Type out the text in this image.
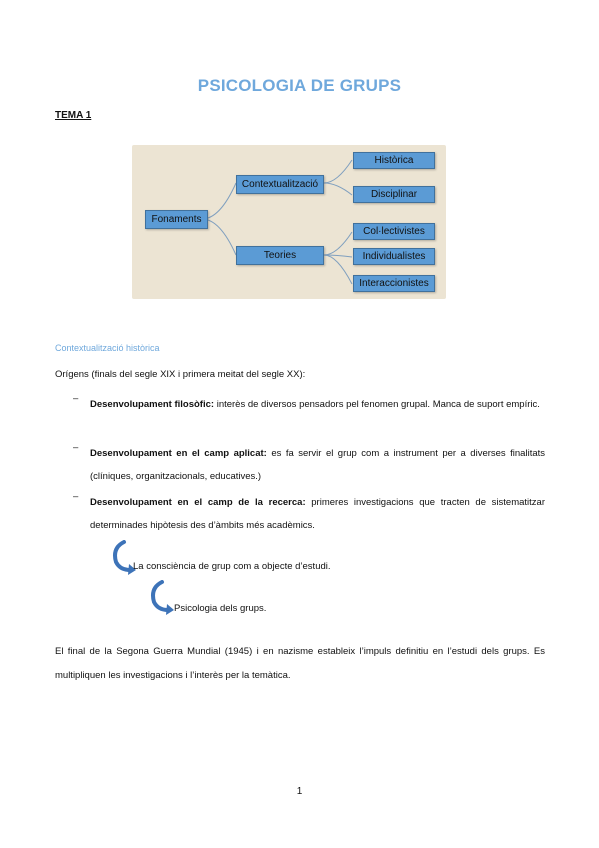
PSICOLOGIA DE GRUPS
TEMA 1
Fonaments
Contextualització
Teories
Històrica
Disciplinar
Col·lectivistes
Individualistes
Interaccionistes
Contextualització històrica
Orígens (finals del segle XIX i primera meitat del segle XX):
–
Desenvolupament filosòfic: interès de diversos pensadors pel fenomen grupal. Manca de suport empíric.
–
Desenvolupament en el camp aplicat: es fa servir el grup com a instrument per a diverses finalitats (clíniques, organitzacionals, educatives.)
–
Desenvolupament en el camp de la recerca: primeres investigacions que tracten de sistematitzar determinades hipòtesis des d’àmbits més acadèmics.
La consciència de grup com a objecte d’estudi.
Psicologia dels grups.
El final de la Segona Guerra Mundial (1945) i en nazisme estableix l’impuls definitiu en l’estudi dels grups. Es multipliquen les investigacions i l’interès per la temàtica.
1
